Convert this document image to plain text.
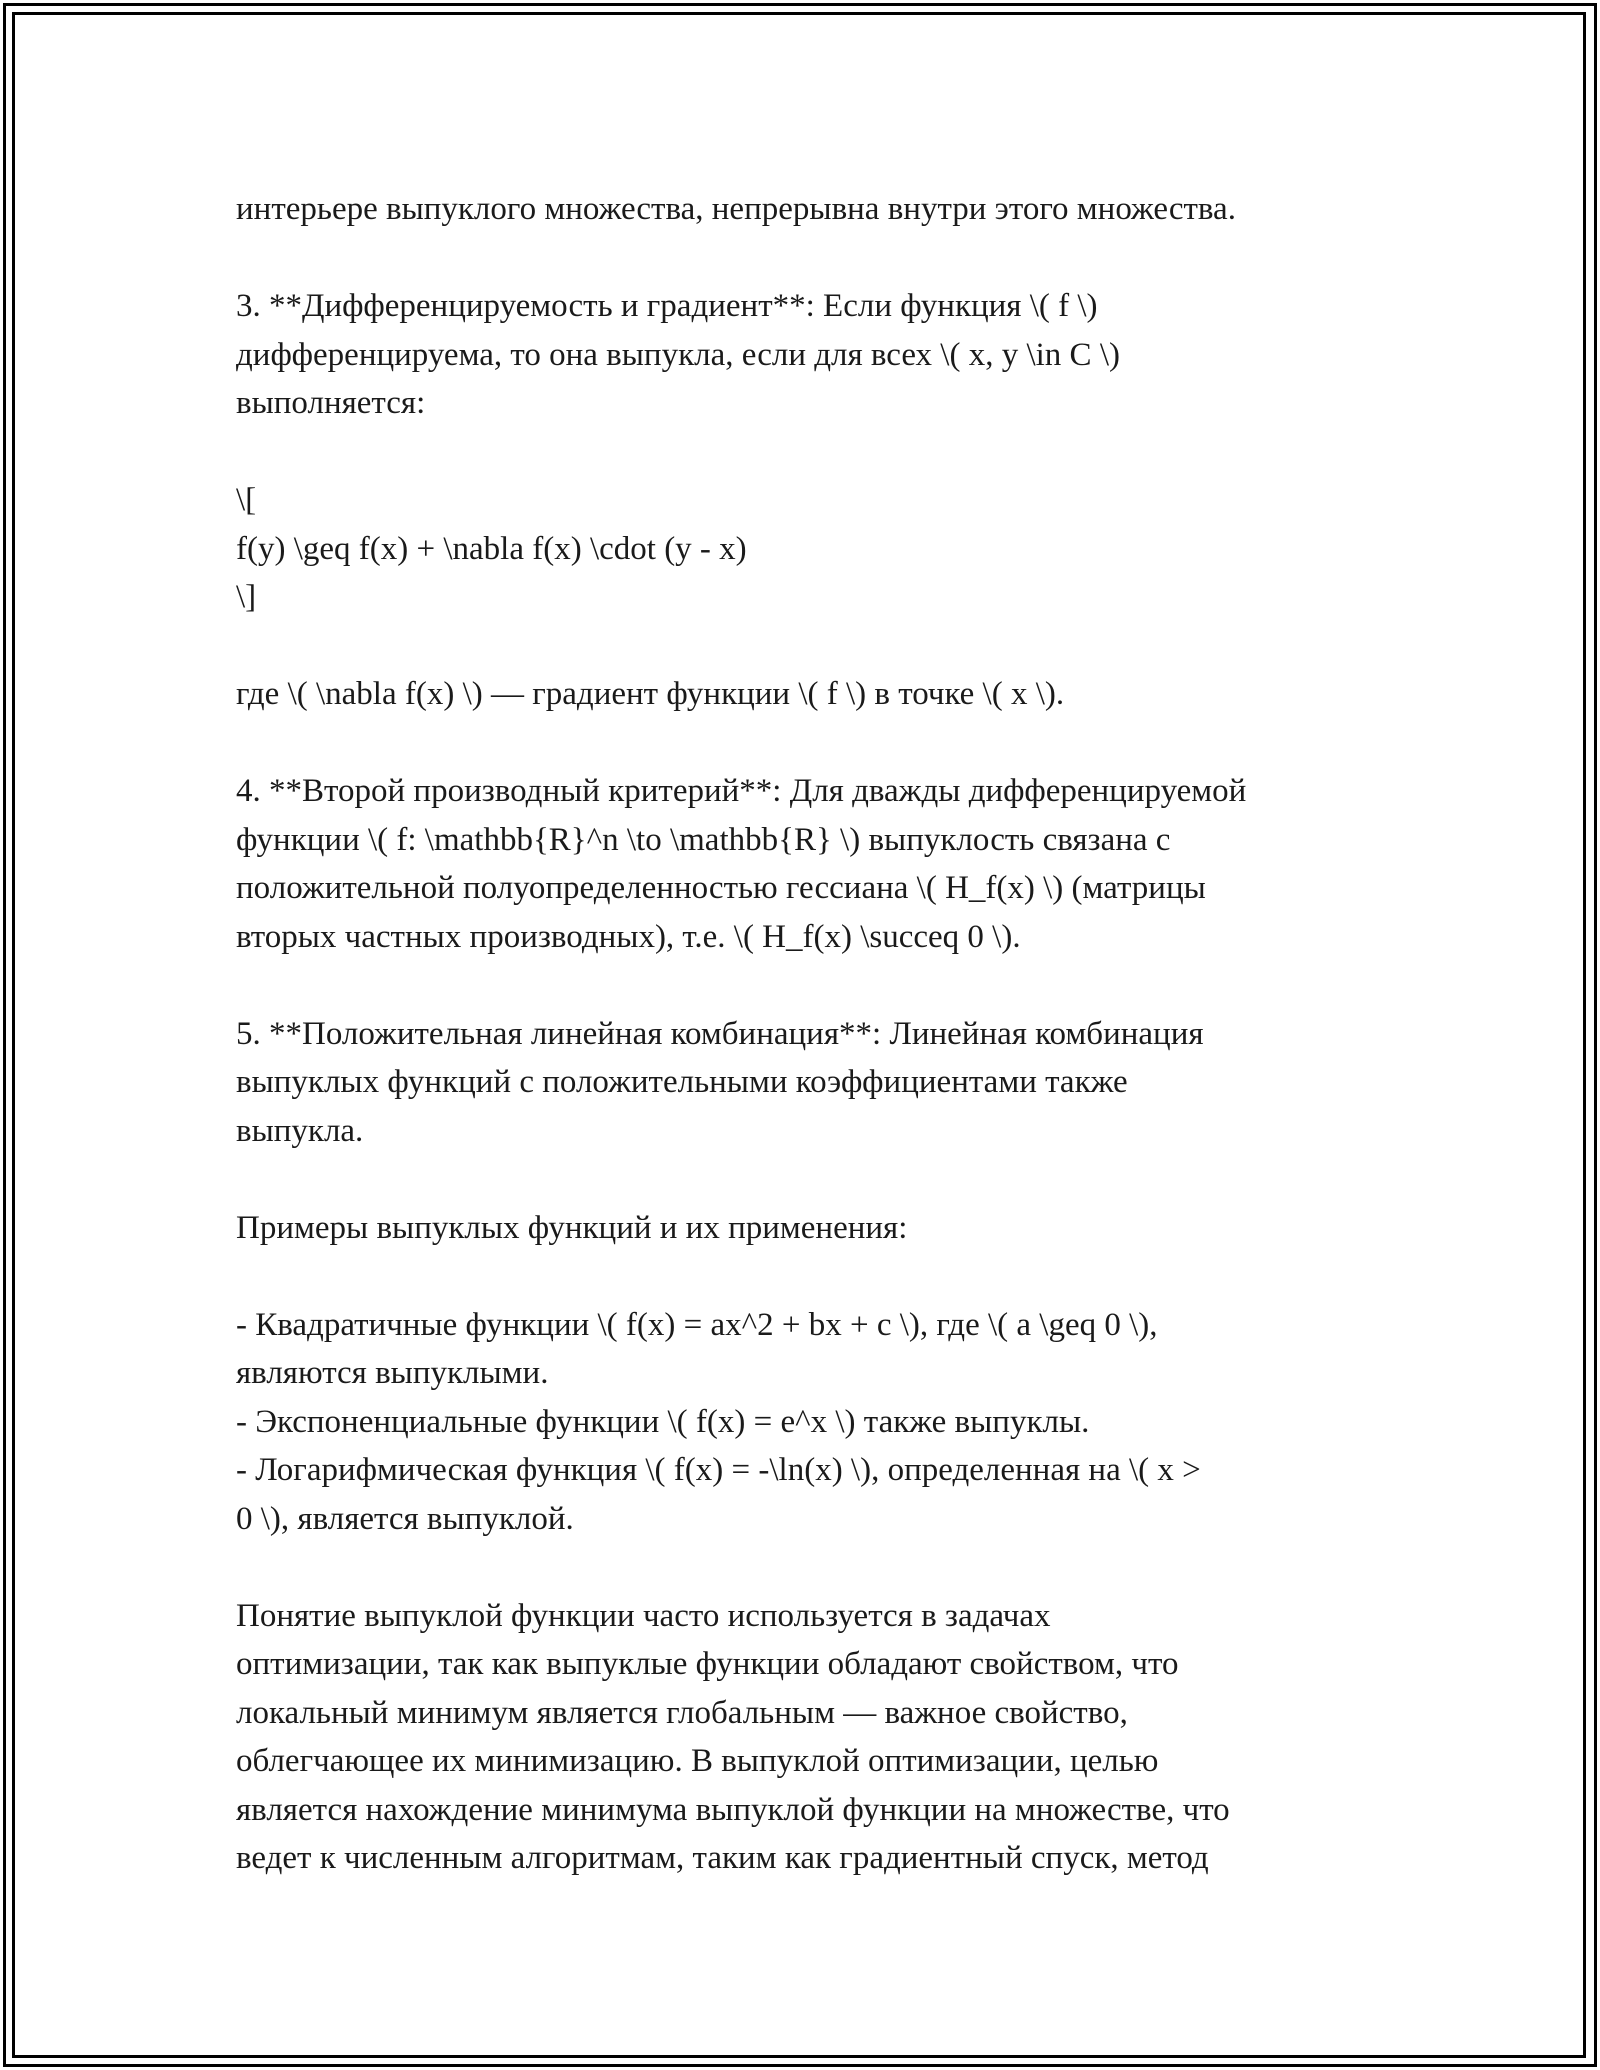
интерьере выпуклого множества, непрерывна внутри этого множества.
3. **Дифференцируемость и градиент**: Если функция \( f \)
дифференцируема, то она выпукла, если для всех \( x, y \in C \)
выполняется:
\[
f(y) \geq f(x) + \nabla f(x) \cdot (y - x)
\]
где \( \nabla f(x) \) — градиент функции \( f \) в точке \( x \).
4. **Второй производный критерий**: Для дважды дифференцируемой
функции \( f: \mathbb{R}^n \to \mathbb{R} \) выпуклость связана с
положительной полуопределенностью гессиана \( H_f(x) \) (матрицы
вторых частных производных), т.е. \( H_f(x) \succeq 0 \).
5. **Положительная линейная комбинация**: Линейная комбинация
выпуклых функций с положительными коэффициентами также
выпукла.
Примеры выпуклых функций и их применения:
- Квадратичные функции \( f(x) = ax^2 + bx + c \), где \( a \geq 0 \),
являются выпуклыми.
- Экспоненциальные функции \( f(x) = e^x \) также выпуклы.
- Логарифмическая функция \( f(x) = -\ln(x) \), определенная на \( x >
0 \), является выпуклой.
Понятие выпуклой функции часто используется в задачах
оптимизации, так как выпуклые функции обладают свойством, что
локальный минимум является глобальным — важное свойство,
облегчающее их минимизацию. В выпуклой оптимизации, целью
является нахождение минимума выпуклой функции на множестве, что
ведет к численным алгоритмам, таким как градиентный спуск, метод
